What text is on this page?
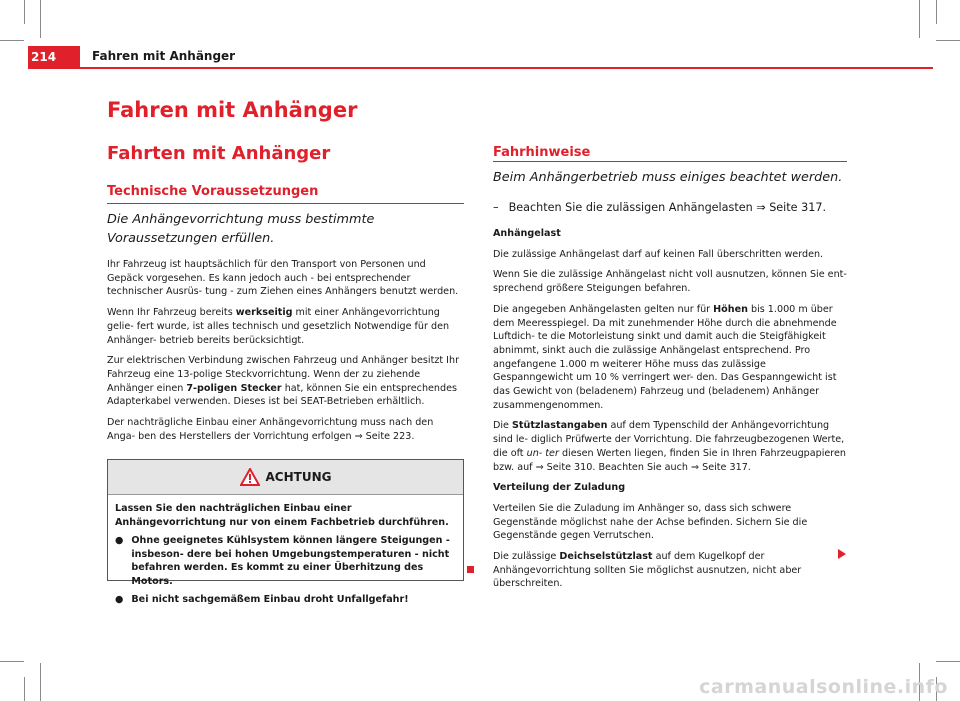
214	Fahren mit Anhänger
Fahren mit Anhänger
Fahrten mit Anhänger
Technische Voraussetzungen

Die Anhängevorrichtung muss bestimmte Voraussetzungen erfüllen.

Ihr Fahrzeug ist hauptsächlich für den Transport von Personen und Gepäck vorgesehen. Es kann jedoch auch - bei entsprechender technischer Ausrüs- tung - zum Ziehen eines Anhängers benutzt werden.

Wenn Ihr Fahrzeug bereits werkseitig mit einer Anhängevorrichtung gelie- fert wurde, ist alles technisch und gesetzlich Notwendige für den Anhänger- betrieb bereits berücksichtigt.

Zur elektrischen Verbindung zwischen Fahrzeug und Anhänger besitzt Ihr Fahrzeug eine 13-polige Steckvorrichtung. Wenn der zu ziehende Anhänger einen 7-poligen Stecker hat, können Sie ein entsprechendes Adapterkabel verwenden. Dieses ist bei SEAT-Betrieben erhältlich.

Der nachträgliche Einbau einer Anhängevorrichtung muss nach den Anga- ben des Herstellers der Vorrichtung erfolgen ⇒ Seite 223.

ACHTUNG

Lassen Sie den nachträglichen Einbau einer Anhängevorrichtung nur von einem Fachbetrieb durchführen.

● Ohne geeignetes Kühlsystem können längere Steigungen - insbeson- dere bei hohen Umgebungstemperaturen - nicht befahren werden. Es kommt zu einer Überhitzung des Motors.
● Bei nicht sachgemäßem Einbau droht Unfallgefahr!
Fahrhinweise

Beim Anhängerbetrieb muss einiges beachtet werden.

– Beachten Sie die zulässigen Anhängelasten ⇒ Seite 317.

Anhängelast

Die zulässige Anhängelast darf auf keinen Fall überschritten werden.

Wenn Sie die zulässige Anhängelast nicht voll ausnutzen, können Sie ent- sprechend größere Steigungen befahren.

Die angegeben Anhängelasten gelten nur für Höhen bis 1.000 m über dem Meeresspiegel. Da mit zunehmender Höhe durch die abnehmende Luftdich- te die Motorleistung sinkt und damit auch die Steigfähigkeit abnimmt, sinkt auch die zulässige Anhängelast entsprechend. Pro angefangene 1.000 m weiterer Höhe muss das zulässige Gespanngewicht um 10 % verringert wer- den. Das Gespanngewicht ist das Gewicht von (beladenem) Fahrzeug und (beladenem) Anhänger zusammengenommen.

Die Stützlastangaben auf dem Typenschild der Anhängevorrichtung sind le- diglich Prüfwerte der Vorrichtung. Die fahrzeugbezogenen Werte, die oft un- ter diesen Werten liegen, finden Sie in Ihren Fahrzeugpapieren bzw. auf ⇒ Seite 310. Beachten Sie auch ⇒ Seite 317.

Verteilung der Zuladung

Verteilen Sie die Zuladung im Anhänger so, dass sich schwere Gegenstände möglichst nahe der Achse befinden. Sichern Sie die Gegenstände gegen Verrutschen.

Die zulässige Deichselstützlast auf dem Kugelkopf der Anhängevorrichtung sollten Sie möglichst ausnutzen, nicht aber überschreiten.

carmanualsonline.info
